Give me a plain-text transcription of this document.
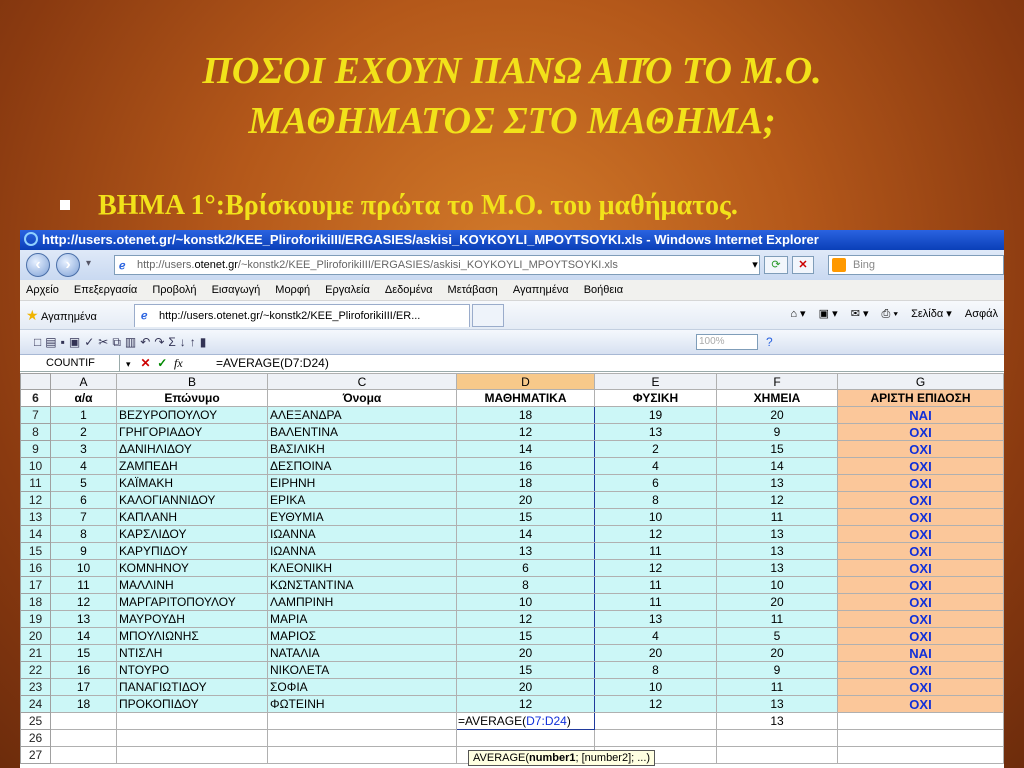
ΠΟΣΟΙ ΕΧΟΥΝ ΠΑΝΩ ΑΠΌ ΤΟ Μ.Ο.
ΜΑΘΗΜΑΤΟΣ ΣΤΟ ΜΑΘΗΜΑ;
ΒΗΜΑ 1°:Βρίσκουμε πρώτα το Μ.Ο. του μαθήματος.
http://users.otenet.gr/~konstk2/KEE_PliroforikiIII/ERGASIES/askisi_KOYKOYLI_MPOYTSOYKI.xls - Windows Internet Explorer
‹	›	▾	ℯ http://users.otenet.gr/~konstk2/KEE_PliroforikiIII/ERGASIES/askisi_KOYKOYLI_MPOYTSOYKI.xls	▾	⟳	✕	Bing
Αρχείο Επεξεργασία Προβολή Εισαγωγή Μορφή Εργαλεία Δεδομένα Μετάβαση Αγαπημένα Βοήθεια
★ Αγαπημένα	ℯ http://users.otenet.gr/~konstk2/KEE_PliroforikiIII/ER...	⌂ ▾ ▣ ▾ ✉ ▾ ⎙ ▾ Σελίδα ▾ Ασφάλ
□▤▪▣✓✂⧉▥↶↷Σ↓↑▮	100%	?
COUNTIF	▾ ✕ ✓ fx	=AVERAGE(D7:D24)
	A	B	C	D	E	F	G
6	α/α	Επώνυμο	Όνομα	ΜΑΘΗΜΑΤΙΚΑ	ΦΥΣΙΚΗ	ΧΗΜΕΙΑ	ΑΡΙΣΤΗ ΕΠΙΔΟΣΗ
7	1	ΒΕΖΥΡΟΠΟΥΛΟΥ	ΑΛΕΞΑΝΔΡΑ	18	19	20	ΝΑΙ
8	2	ΓΡΗΓΟΡΙΑΔΟΥ	ΒΑΛΕΝΤΙΝΑ	12	13	9	ΟΧΙ
9	3	ΔΑΝΙΗΛΙΔΟΥ	ΒΑΣΙΛΙΚΗ	14	2	15	ΟΧΙ
10	4	ΖΑΜΠΕΔΗ	ΔΕΣΠΟΙΝΑ	16	4	14	ΟΧΙ
11	5	ΚΑΪΜΑΚΗ	ΕΙΡΗΝΗ	18	6	13	ΟΧΙ
12	6	ΚΑΛΟΓΙΑΝΝΙΔΟΥ	ΕΡΙΚΑ	20	8	12	ΟΧΙ
13	7	ΚΑΠΛΑΝΗ	ΕΥΘΥΜΙΑ	15	10	11	ΟΧΙ
14	8	ΚΑΡΣΛΙΔΟΥ	ΙΩΑΝΝΑ	14	12	13	ΟΧΙ
15	9	ΚΑΡΥΠΙΔΟΥ	ΙΩΑΝΝΑ	13	11	13	ΟΧΙ
16	10	ΚΟΜΝΗΝΟΥ	ΚΛΕΟΝΙΚΗ	6	12	13	ΟΧΙ
17	11	ΜΑΛΛΙΝΗ	ΚΩΝΣΤΑΝΤΙΝΑ	8	11	10	ΟΧΙ
18	12	ΜΑΡΓΑΡΙΤΟΠΟΥΛΟΥ	ΛΑΜΠΡΙΝΗ	10	11	20	ΟΧΙ
19	13	ΜΑΥΡΟΥΔΗ	ΜΑΡΙΑ	12	13	11	ΟΧΙ
20	14	ΜΠΟΥΛΙΩΝΗΣ	ΜΑΡΙΟΣ	15	4	5	ΟΧΙ
21	15	ΝΤΙΣΛΗ	ΝΑΤΑΛΙΑ	20	20	20	ΝΑΙ
22	16	ΝΤΟΥΡΟ	ΝΙΚΟΛΕΤΑ	15	8	9	ΟΧΙ
23	17	ΠΑΝΑΓΙΩΤΙΔΟΥ	ΣΟΦΙΑ	20	10	11	ΟΧΙ
24	18	ΠΡΟΚΟΠΙΔΟΥ	ΦΩΤΕΙΝΗ	12	12	13	ΟΧΙ
25				=AVERAGE(D7:D24)		13	
26							
27								AVERAGE(number1; [number2]; ...)
